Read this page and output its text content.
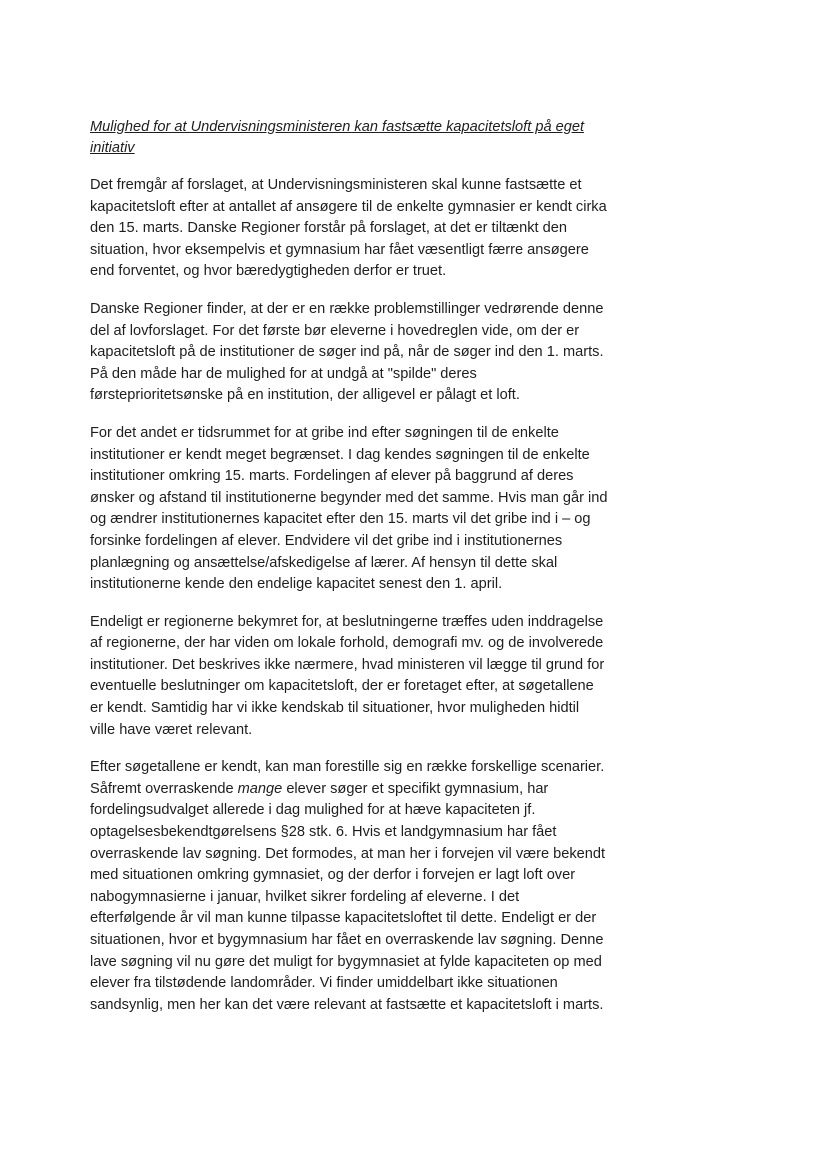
Mulighed for at Undervisningsministeren kan fastsætte kapacitetsloft på eget initiativ

Det fremgår af forslaget, at Undervisningsministeren skal kunne fastsætte et kapacitetsloft efter at antallet af ansøgere til de enkelte gymnasier er kendt cirka den 15. marts. Danske Regioner forstår på forslaget, at det er tiltænkt den situation, hvor eksempelvis et gymnasium har fået væsentligt færre ansøgere end forventet, og hvor bæredygtigheden derfor er truet.

Danske Regioner finder, at der er en række problemstillinger vedrørende denne del af lovforslaget. For det første bør eleverne i hovedreglen vide, om der er kapacitetsloft på de institutioner de søger ind på, når de søger ind den 1. marts. På den måde har de mulighed for at undgå at "spilde" deres førsteprioritetsønske på en institution, der alligevel er pålagt et loft.

For det andet er tidsrummet for at gribe ind efter søgningen til de enkelte institutioner er kendt meget begrænset. I dag kendes søgningen til de enkelte institutioner omkring 15. marts. Fordelingen af elever på baggrund af deres ønsker og afstand til institutionerne begynder med det samme. Hvis man går ind og ændrer institutionernes kapacitet efter den 15. marts vil det gribe ind i – og forsinke fordelingen af elever. Endvidere vil det gribe ind i institutionernes planlægning og ansættelse/afskedigelse af lærer. Af hensyn til dette skal institutionerne kende den endelige kapacitet senest den 1. april.

Endeligt er regionerne bekymret for, at beslutningerne træffes uden inddragelse af regionerne, der har viden om lokale forhold, demografi mv. og de involverede institutioner. Det beskrives ikke nærmere, hvad ministeren vil lægge til grund for eventuelle beslutninger om kapacitetsloft, der er foretaget efter, at søgetallene er kendt. Samtidig har vi ikke kendskab til situationer, hvor muligheden hidtil ville have været relevant.

Efter søgetallene er kendt, kan man forestille sig en række forskellige scenarier. Såfremt overraskende mange elever søger et specifikt gymnasium, har fordelingsudvalget allerede i dag mulighed for at hæve kapaciteten jf. optagelsesbekendtgørelsens §28 stk. 6. Hvis et landgymnasium har fået overraskende lav søgning. Det formodes, at man her i forvejen vil være bekendt med situationen omkring gymnasiet, og der derfor i forvejen er lagt loft over nabogymnasierne i januar, hvilket sikrer fordeling af eleverne. I det efterfølgende år vil man kunne tilpasse kapacitetsloftet til dette. Endeligt er der situationen, hvor et bygymnasium har fået en overraskende lav søgning. Denne lave søgning vil nu gøre det muligt for bygymnasiet at fylde kapaciteten op med elever fra tilstødende landområder. Vi finder umiddelbart ikke situationen sandsynlig, men her kan det være relevant at fastsætte et kapacitetsloft i marts.
